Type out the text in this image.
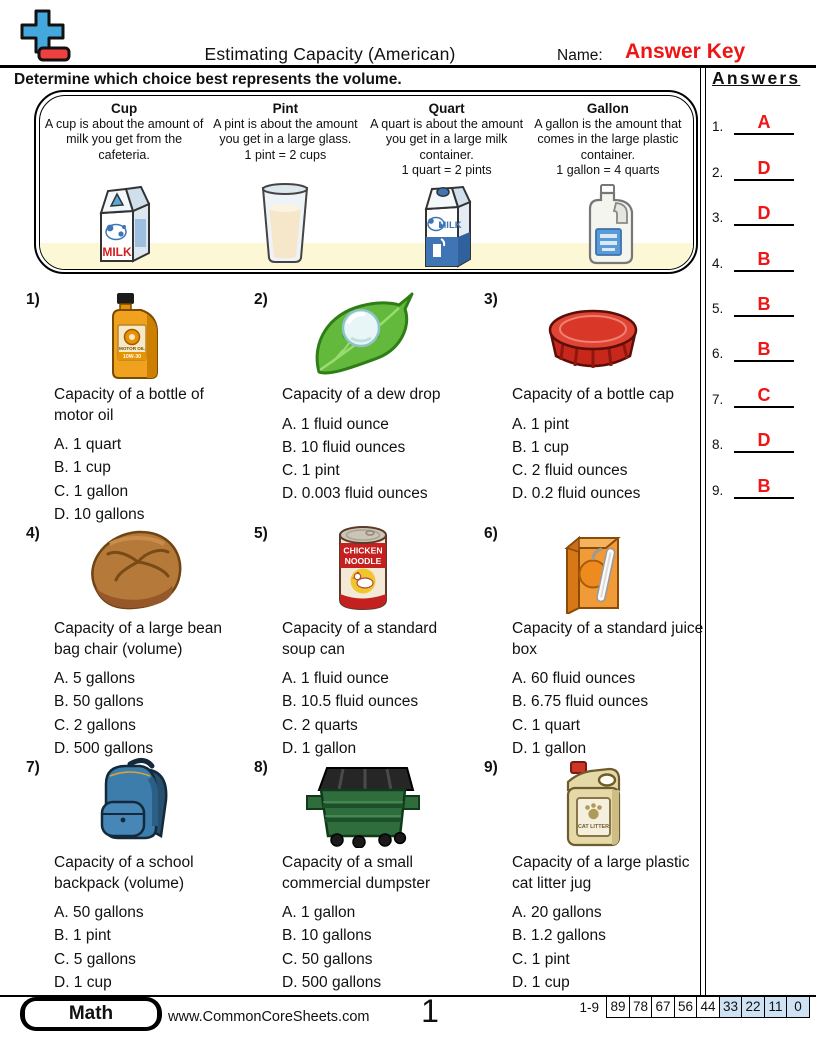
Estimating Capacity (American)	Name: Answer Key
Determine which choice best represents the volume.
Cup
A cup is about the amount of milk you get from the cafeteria.
MILK
Pint
A pint is about the amount you get in a large glass.
1 pint = 2 cups
Quart
A quart is about the amount you get in a large milk container.
1 quart = 2 pints
MILK
Gallon
A gallon is the amount that comes in the large plastic container.
1 gallon = 4 quarts
Answers
1.	A
2.	D
3.	D
4.	B
5.	B
6.	B
7.	C
8.	D
9.	B
1)
MOTOR OIL
10W-30
Capacity of a bottle of motor oil
A. 1 quart
B. 1 cup
C. 1 gallon
D. 10 gallons
2)
Capacity of a dew drop
A. 1 fluid ounce
B. 10 fluid ounces
C. 1 pint
D. 0.003 fluid ounces
3)
Capacity of a bottle cap
A. 1 pint
B. 1 cup
C. 2 fluid ounces
D. 0.2 fluid ounces
4)
Capacity of a large bean bag chair (volume)
A. 5 gallons
B. 50 gallons
C. 2 gallons
D. 500 gallons
5)
CHICKEN
NOODLE
Capacity of a standard soup can
A. 1 fluid ounce
B. 10.5 fluid ounces
C. 2 quarts
D. 1 gallon
6)
Capacity of a standard juice box
A. 60 fluid ounces
B. 6.75 fluid ounces
C. 1 quart
D. 1 gallon
7)
Capacity of a school backpack (volume)
A. 50 gallons
B. 1 pint
C. 5 gallons
D. 1 cup
8)
Capacity of a small commercial dumpster
A. 1 gallon
B. 10 gallons
C. 50 gallons
D. 500 gallons
9)
CAT LITTER
Capacity of a large plastic cat litter jug
A. 20 gallons
B. 1.2 gallons
C. 1 pint
D. 1 cup
Math	www.CommonCoreSheets.com	1	1-9 89 78 67 56 44 33 22 11 0
